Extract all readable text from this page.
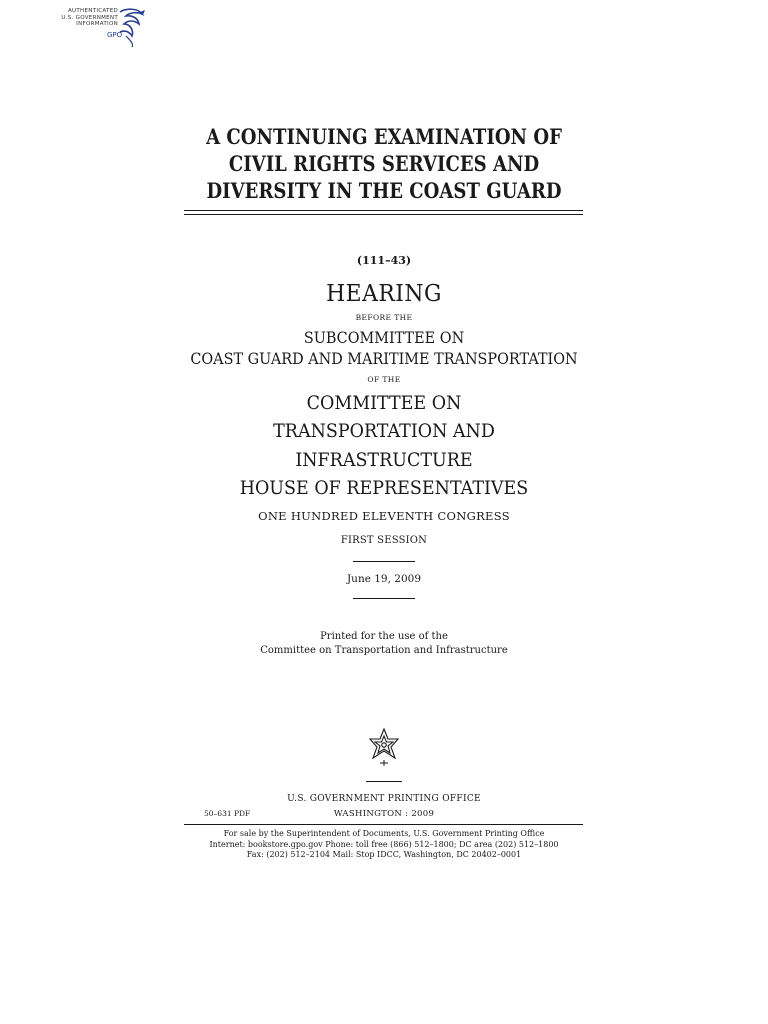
AUTHENTICATED
U.S. GOVERNMENT
INFORMATION
GPO
A CONTINUING EXAMINATION OF
CIVIL RIGHTS SERVICES AND
DIVERSITY IN THE COAST GUARD
(111–43)
HEARING
BEFORE THE
SUBCOMMITTEE ON
COAST GUARD AND MARITIME TRANSPORTATION
OF THE
COMMITTEE ON
TRANSPORTATION AND
INFRASTRUCTURE
HOUSE OF REPRESENTATIVES
ONE HUNDRED ELEVENTH CONGRESS
FIRST SESSION
June 19, 2009
Printed for the use of the
Committee on Transportation and Infrastructure
U.S. GOVERNMENT PRINTING OFFICE
50–631 PDF	WASHINGTON : 2009
For sale by the Superintendent of Documents, U.S. Government Printing Office
Internet: bookstore.gpo.gov Phone: toll free (866) 512–1800; DC area (202) 512–1800
Fax: (202) 512–2104 Mail: Stop IDCC, Washington, DC 20402–0001
